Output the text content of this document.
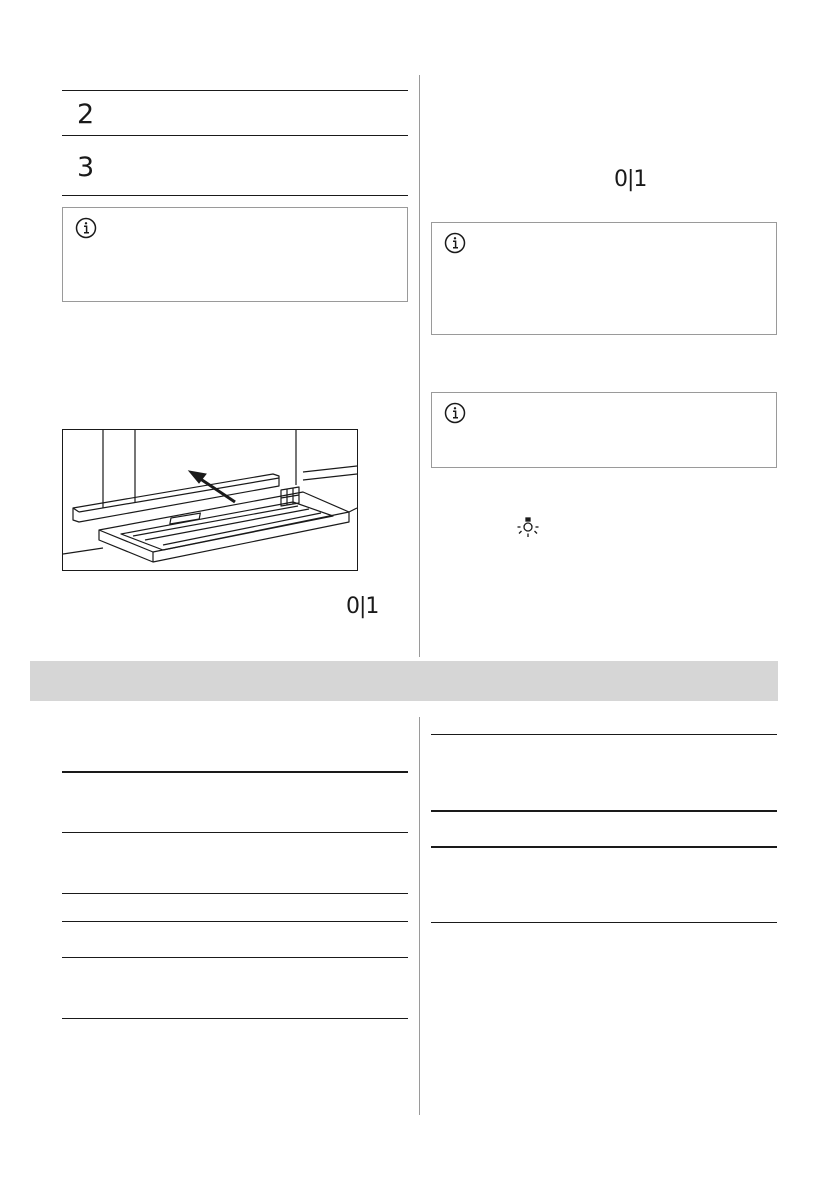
2
3
0|1
0|1
